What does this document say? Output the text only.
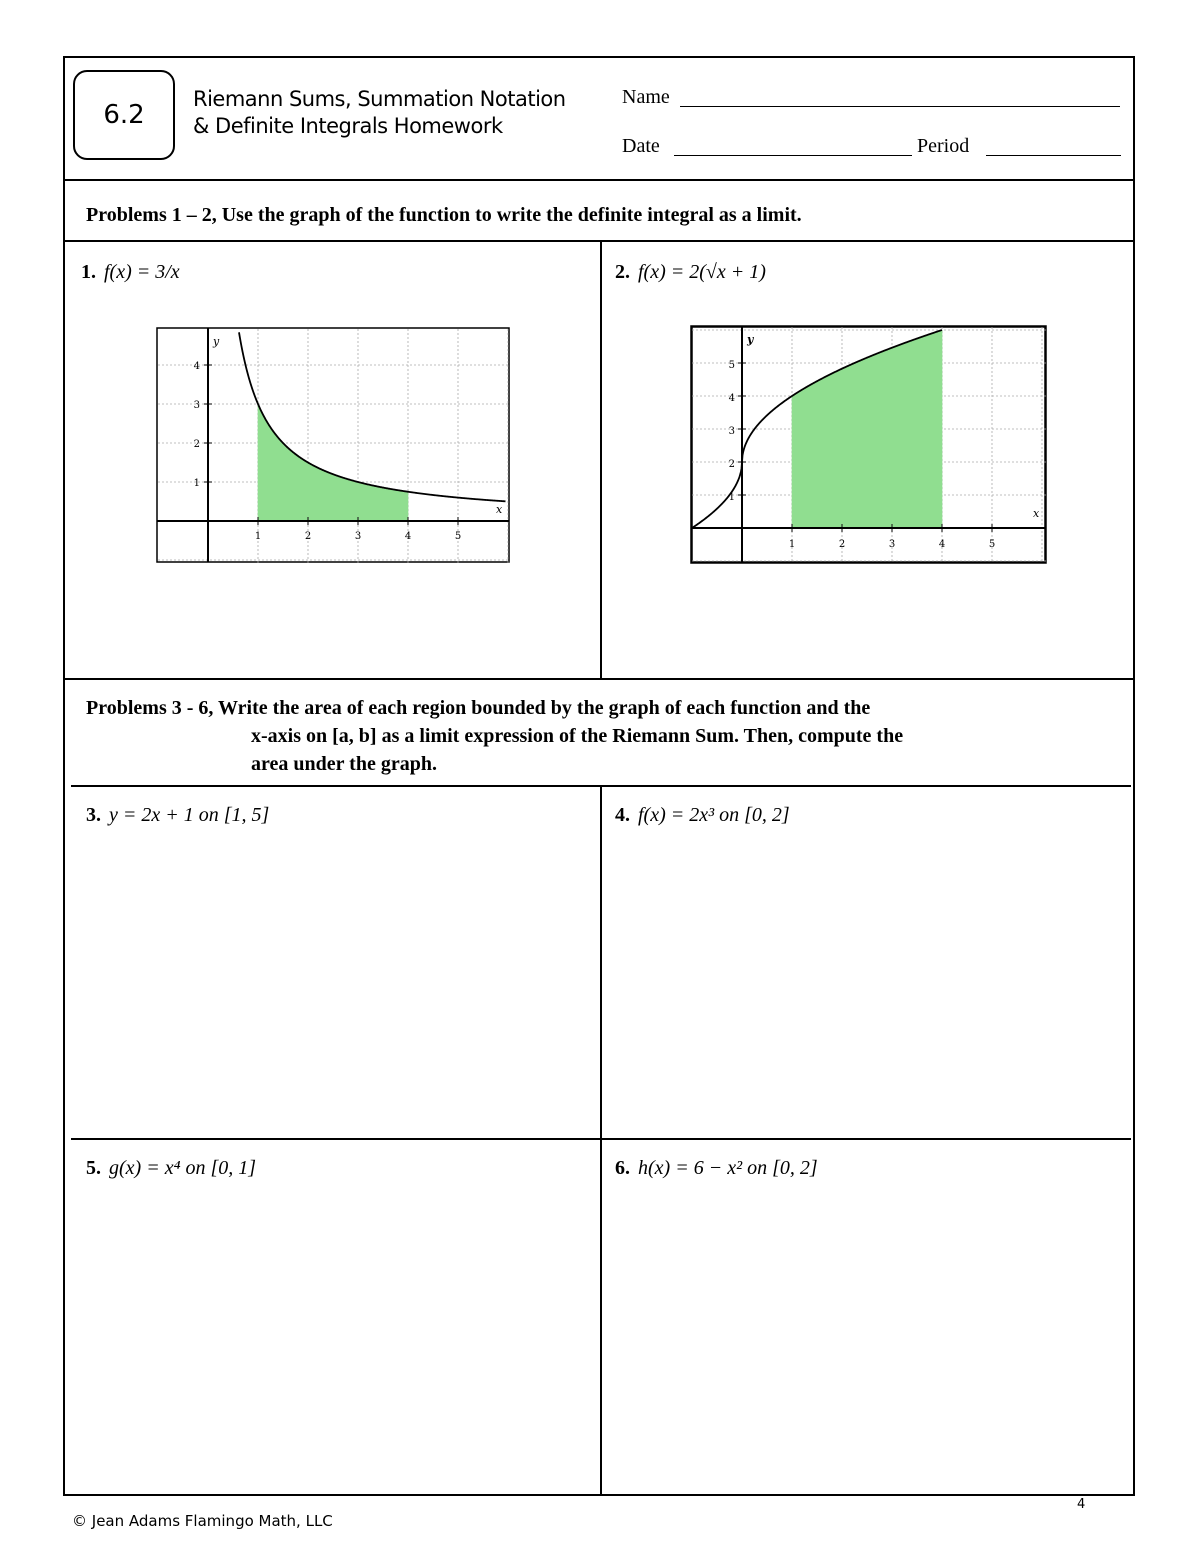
6.2
Riemann Sums, Summation Notation
& Definite Integrals Homework
Name
Date	Period
Problems 1 – 2, Use the graph of the function to write the definite integral as a limit.
1. f(x) = 3/x	2. f(x) = 2(√x + 1)
x
y
1	2	3	4	5
1
2
3
4
x
y
1	2	3	4	5
1
2
3
4
5
Problems 3 - 6, Write the area of each region bounded by the graph of each function and the
x-axis on [a, b] as a limit expression of the Riemann Sum. Then, compute the
area under the graph.
3. y = 2x + 1 on [1, 5]	4. f(x) = 2x³ on [0, 2]
5. g(x) = x⁴ on [0, 1]	6. h(x) = 6 − x² on [0, 2]
4
© Jean Adams Flamingo Math, LLC
